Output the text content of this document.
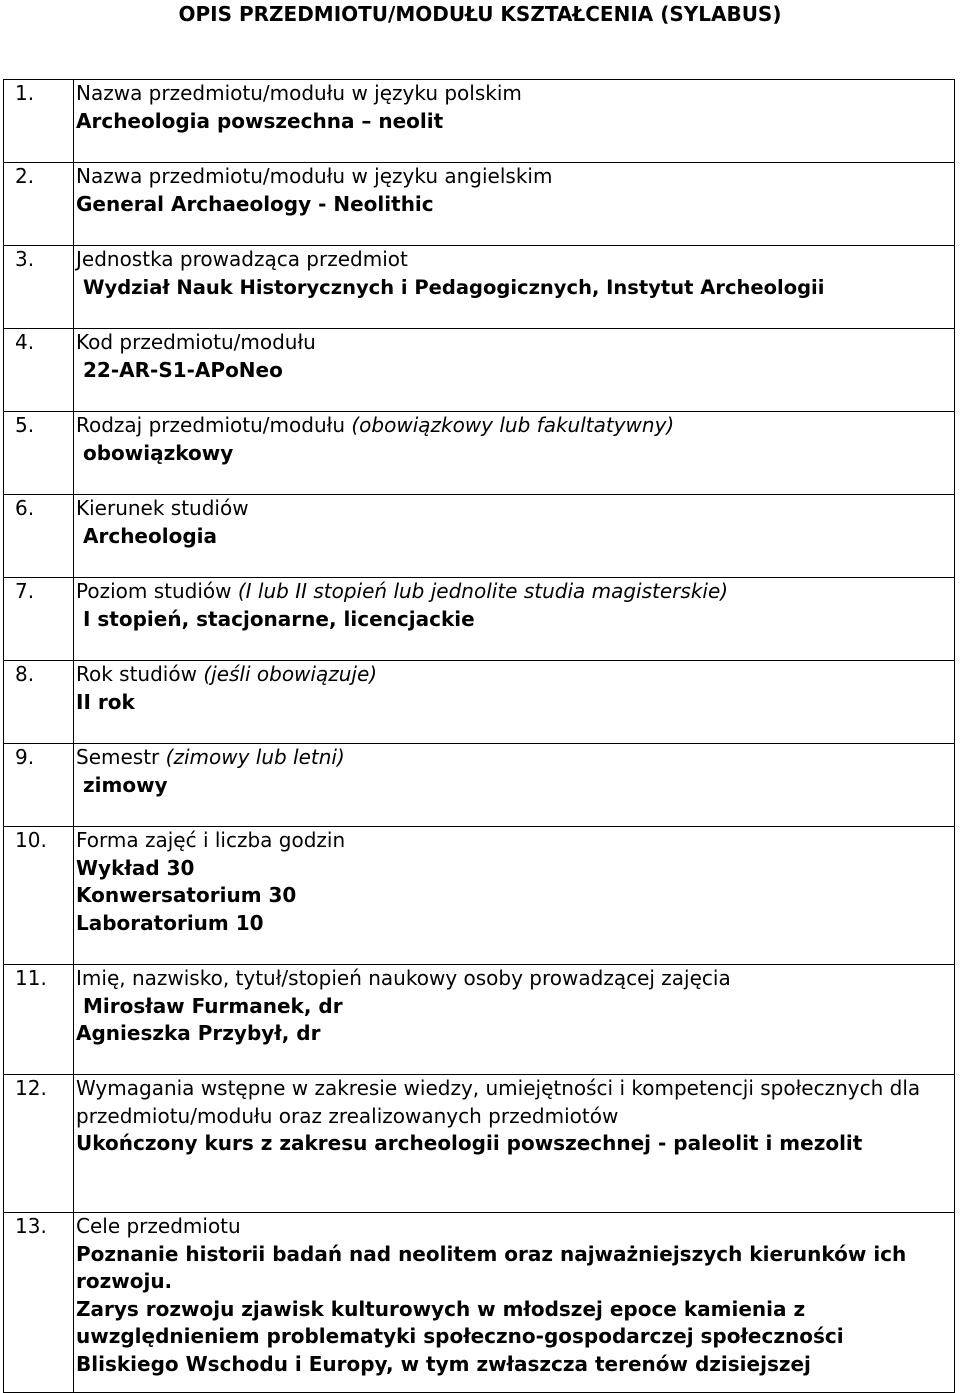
OPIS PRZEDMIOTU/MODUŁU KSZTAŁCENIA (SYLABUS)
1.	Nazwa przedmiotu/modułu w języku polskim
Archeologia powszechna – neolit

2.	Nazwa przedmiotu/modułu w języku angielskim
General Archaeology - Neolithic

3.	Jednostka prowadząca przedmiot
Wydział Nauk Historycznych i Pedagogicznych, Instytut Archeologii

4.	Kod przedmiotu/modułu
22-AR-S1-APoNeo

5.	Rodzaj przedmiotu/modułu (obowiązkowy lub fakultatywny)
obowiązkowy

6.	Kierunek studiów
Archeologia

7.	Poziom studiów (I lub II stopień lub jednolite studia magisterskie)
I stopień, stacjonarne, licencjackie

8.	Rok studiów (jeśli obowiązuje)
II rok

9.	Semestr (zimowy lub letni)
zimowy

10.	Forma zajęć i liczba godzin
Wykład 30
Konwersatorium 30
Laboratorium 10

11.	Imię, nazwisko, tytuł/stopień naukowy osoby prowadzącej zajęcia
Mirosław Furmanek, dr
Agnieszka Przybył, dr

12.	Wymagania wstępne w zakresie wiedzy, umiejętności i kompetencji społecznych dla przedmiotu/modułu oraz zrealizowanych przedmiotów
Ukończony kurs z zakresu archeologii powszechnej - paleolit i mezolit

13.	Cele przedmiotu
Poznanie historii badań nad neolitem oraz najważniejszych kierunków ich rozwoju.
Zarys rozwoju zjawisk kulturowych w młodszej epoce kamienia z uwzględnieniem problematyki społeczno-gospodarczej społeczności Bliskiego Wschodu i Europy, w tym zwłaszcza terenów dzisiejszej
